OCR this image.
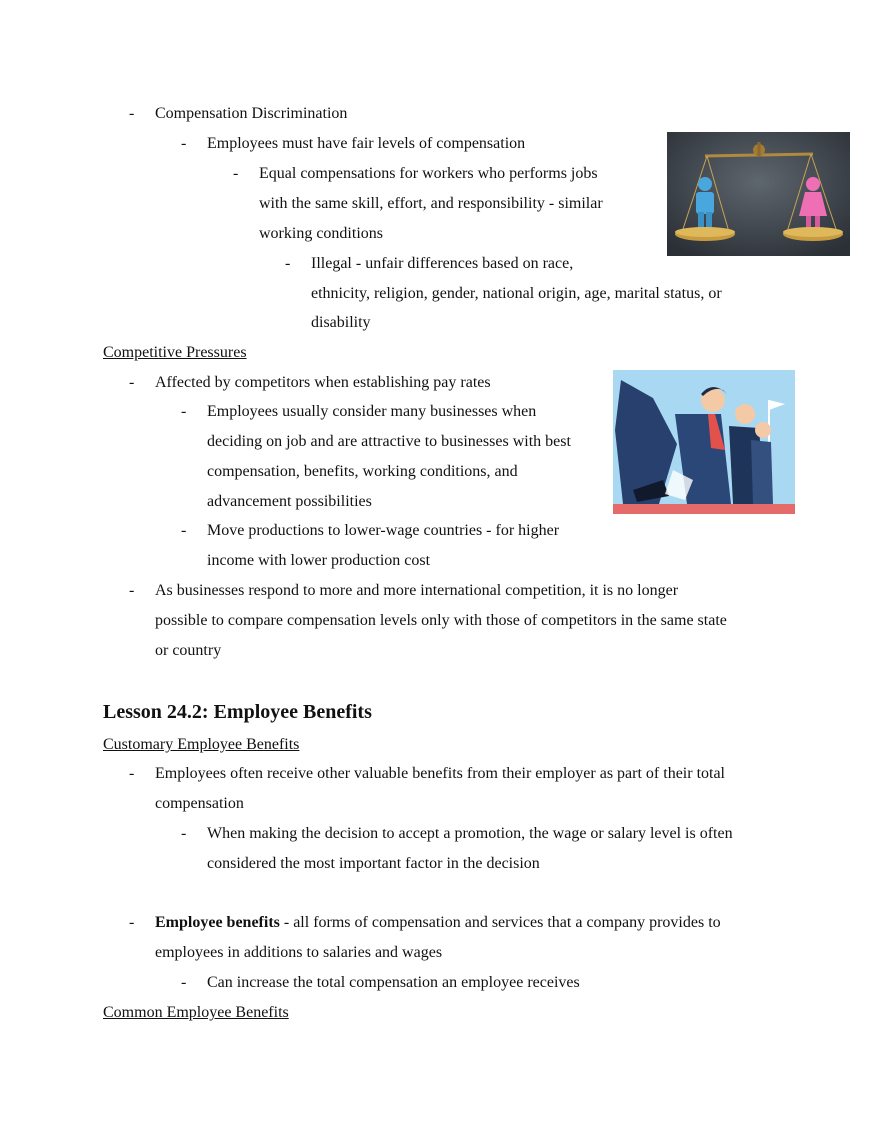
- Compensation Discrimination
- Employees must have fair levels of compensation
- Equal compensations for workers who performs jobs
with the same skill, effort, and responsibility - similar
working conditions
- Illegal - unfair differences based on race,
ethnicity, religion, gender, national origin, age, marital status, or
disability
Competitive Pressures
- Affected by competitors when establishing pay rates
- Employees usually consider many businesses when
deciding on job and are attractive to businesses with best
compensation, benefits, working conditions, and
advancement possibilities
- Move productions to lower-wage countries - for higher
income with lower production cost
- As businesses respond to more and more international competition, it is no longer
possible to compare compensation levels only with those of competitors in the same state
or country
Lesson 24.2: Employee Benefits
Customary Employee Benefits
- Employees often receive other valuable benefits from their employer as part of their total
compensation
- When making the decision to accept a promotion, the wage or salary level is often
considered the most important factor in the decision
- Employee benefits - all forms of compensation and services that a company provides to
employees in additions to salaries and wages
- Can increase the total compensation an employee receives
Common Employee Benefits
